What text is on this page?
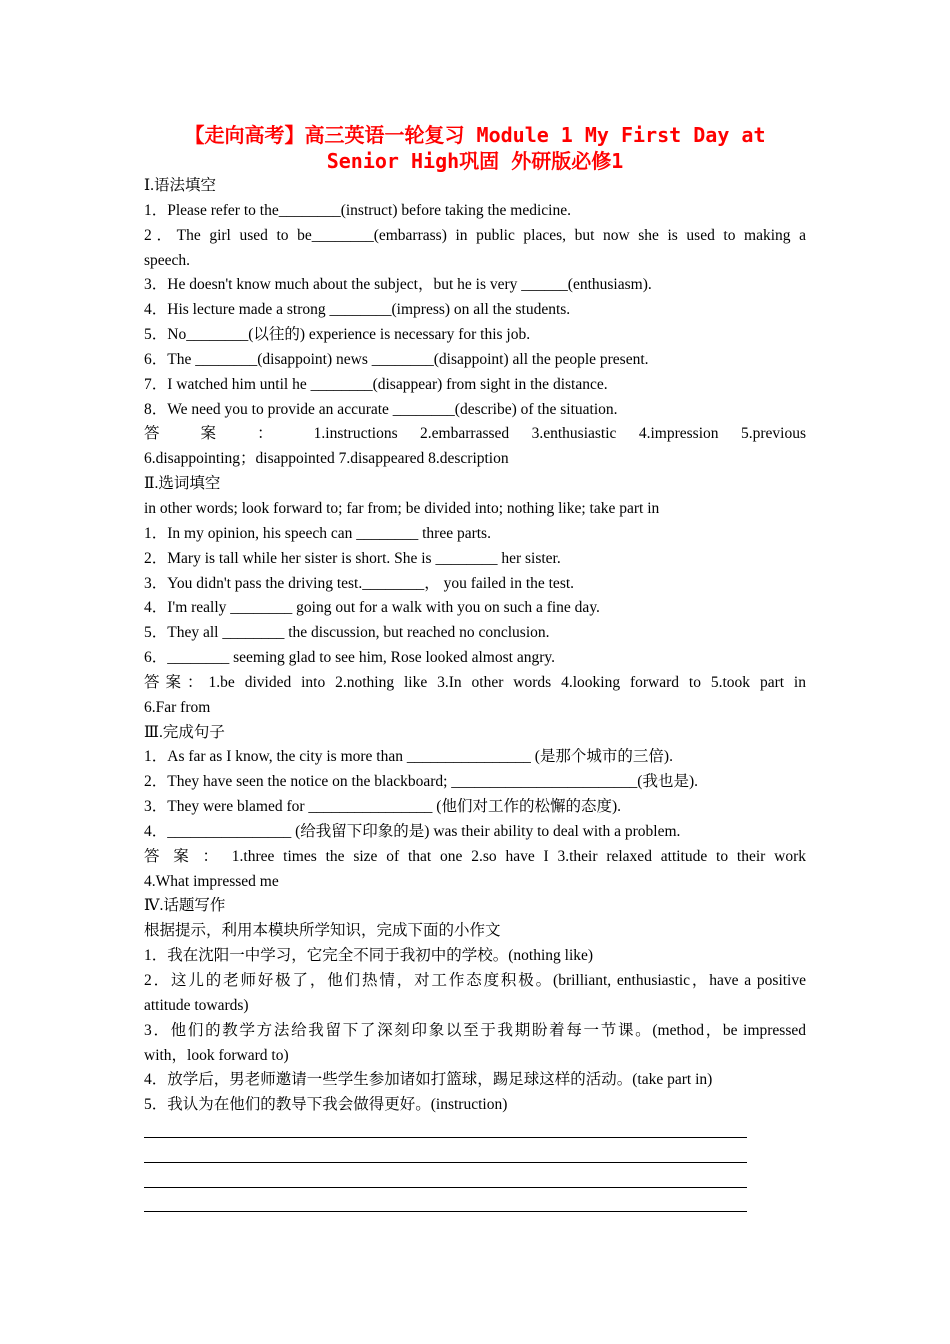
【走向高考】高三英语一轮复习 Module 1 My First Day at
Senior High巩固 外研版必修1
Ⅰ.语法填空
1．Please refer to the________(instruct) before taking the medicine.
2．The girl used to be________(embarrass) in public places, but now she is used to making a
speech.
3．He doesn't know much about the subject，but he is very ______(enthusiasm).
4．His lecture made a strong ________(impress) on all the students.
5．No________(以往的) experience is necessary for this job.
6．The ________(disappoint) news ________(disappoint) all the people present.
7．I watched him until he ________(disappear) from sight in the distance.
8．We need you to provide an accurate ________(describe) of the situation.
答 案 ： 1.instructions 2.embarrassed 3.enthusiastic 4.impression 5.previous
6.disappointing；disappointed 7.disappeared 8.description
Ⅱ.选词填空
in other words; look forward to; far from; be divided into; nothing like; take part in
1．In my opinion, his speech can ________ three parts.
2．Mary is tall while her sister is short. She is ________ her sister.
3．You didn't pass the driving test.________， you failed in the test.
4．I'm really ________ going out for a walk with you on such a fine day.
5．They all ________ the discussion, but reached no conclusion.
6．________ seeming glad to see him, Rose looked almost angry.
答案：1.be divided into 2.nothing like 3.In other words 4.looking forward to 5.took part in
6.Far from
Ⅲ.完成句子
1．As far as I know, the city is more than ________________ (是那个城市的三倍).
2．They have seen the notice on the blackboard; ________________________(我也是).
3．They were blamed for ________________ (他们对工作的松懈的态度).
4．________________ (给我留下印象的是) was their ability to deal with a problem.
答 案 ： 1.three times the size of that one 2.so have I 3.their relaxed attitude to their work
4.What impressed me
Ⅳ.话题写作
根据提示，利用本模块所学知识，完成下面的小作文
1．我在沈阳一中学习，它完全不同于我初中的学校。(nothing like)
2．这儿的老师好极了，他们热情，对工作态度积极。(brilliant, enthusiastic，have a positive
attitude towards)
3．他们的教学方法给我留下了深刻印象以至于我期盼着每一节课。(method，be impressed
with，look forward to)
4．放学后，男老师邀请一些学生参加诸如打篮球，踢足球这样的活动。(take part in)
5．我认为在他们的教导下我会做得更好。(instruction)
